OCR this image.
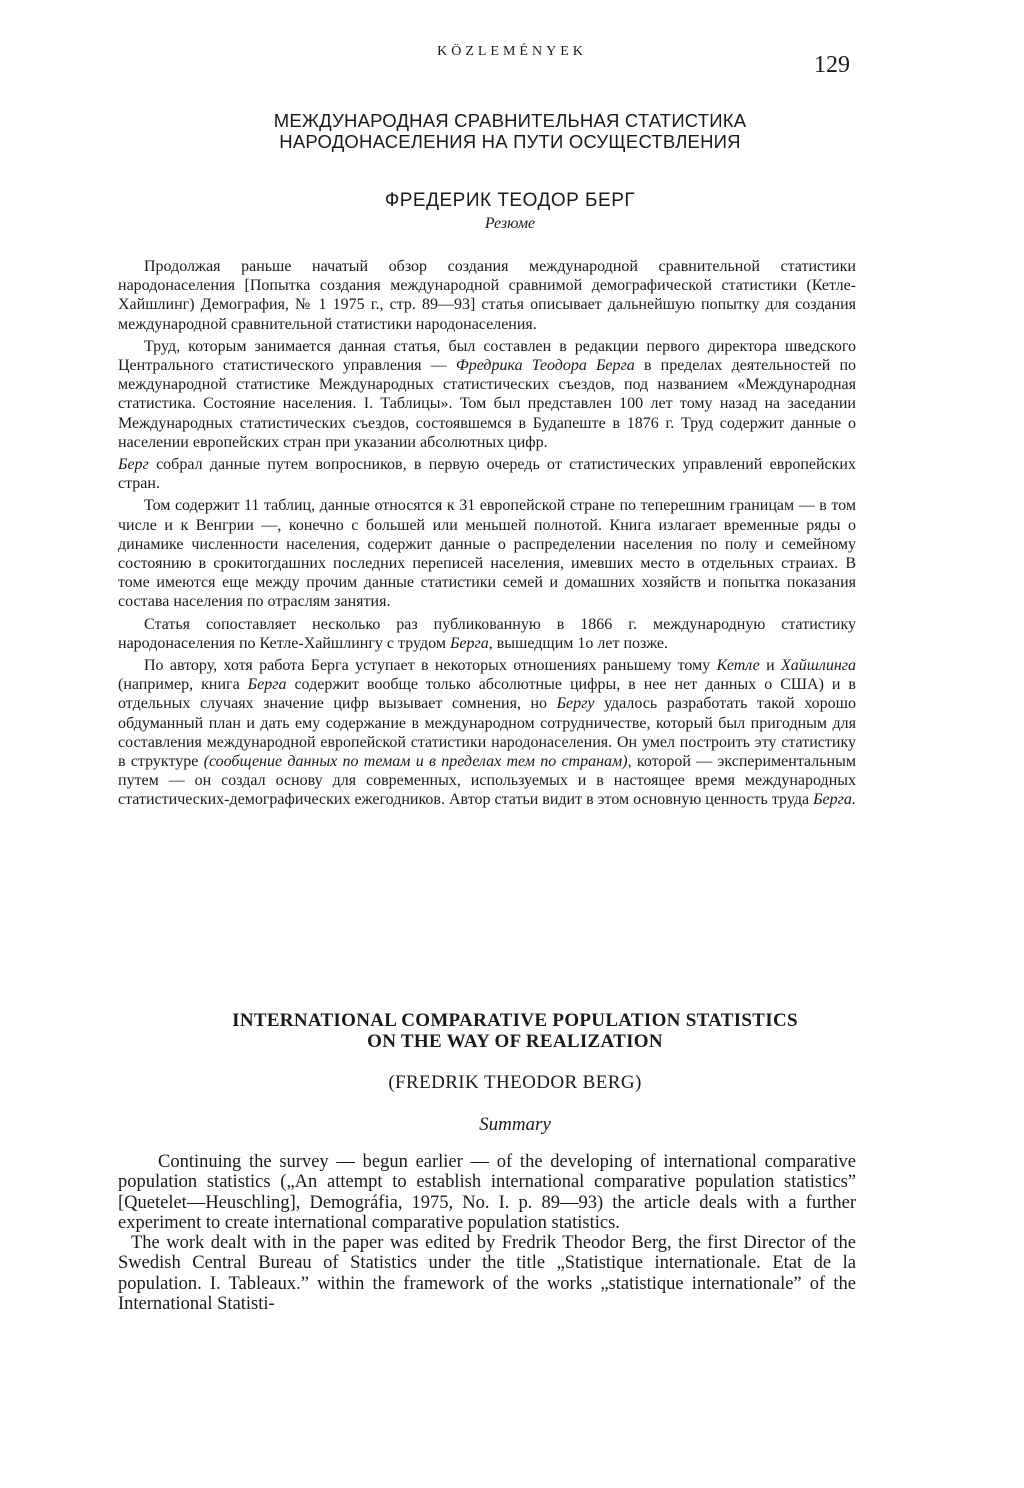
KÖZLEMÉNYEK
129
МЕЖДУНАРОДНАЯ СРАВНИТЕЛЬНАЯ СТАТИСТИКА
НАРОДОНАСЕЛЕНИЯ НА ПУТИ ОСУЩЕСТВЛЕНИЯ
ФРЕДЕРИК ТЕОДОР БЕРГ
Резюме

Продолжая раньше начатый обзор создания международной сравнительной статистики народонаселения [Попытка создания международной сравнимой демографической статистики (Кетле-Хайшлинг) Демография, № 1 1975 г., стр. 89—93] статья описывает дальнейшую попытку для создания международной сравнительной статистики народонаселения.

Труд, которым занимается данная статья, был составлен в редакции первого директора шведского Центрального статистического управления — Фредрика Теодора Берга в пределах деятельностей по международной статистике Международных статистических съездов, под названием «Международная статистика. Состояние населения. I. Таблицы». Том был представлен 100 лет тому назад на заседании Международных статистических съездов, состоявшемся в Будапеште в 1876 г. Труд содержит данные о населении европейских стран при указании абсолютных цифр.

Берг собрал данные путем вопросников, в первую очередь от статистических управлений европейских стран.

Том содержит 11 таблиц, данные относятся к 31 европейской стране по теперешним границам — в том числе и к Венгрии —, конечно с большей или меньшей полнотой. Книга излагает временные ряды о динамике численности населения, содержит данные о распределении населения по полу и семейному состоянию в срокитогдашних последних переписей населения, имевших место в отдельных страиах. В томе имеются еще между прочим данные статистики семей и домашних хозяйств и попытка показания состава населения по отраслям занятия.

Статья сопоставляет несколько раз публикованную в 1866 г. международную статистику народонаселения по Кетле-Хайшлингу с трудом Берга, вышедщим 1о лет позже.

По автору, хотя работа Берга уступает в некоторых отношениях раньшему тому Кетле и Хайшлинга (например, книга Берга содержит вообще только абсолютные цифры, в нее нет данных о США) и в отдельных случаях значение цифр вызывает сомнения, но Бергу удалось разработать такой хорошо обдуманный план и дать ему содержание в международном сотрудничестве, который был пригодным для составления международной европейской статистики народонаселения. Он умел построить эту статистику в структуре (сообщение данных по темам и в пределах тем по странам), которой — экспериментальным путем — он создал основу для современных, используемых и в настоящее время международных статистических-демографических ежегодников. Автор статьи видит в этом основную ценность труда Берга.

INTERNATIONAL COMPARATIVE POPULATION STATISTICS
ON THE WAY OF REALIZATION
(FREDRIK THEODOR BERG)
Summary

Continuing the survey — begun earlier — of the developing of international comparative population statistics („An attempt to establish international comparative population statistics” [Quetelet—Heuschling], Demográfia, 1975, No. I. p. 89—93) the article deals with a further experiment to create international comparative population statistics.

The work dealt with in the paper was edited by Fredrik Theodor Berg, the first Director of the Swedish Central Bureau of Statistics under the title „Statistique internationale. Etat de la population. I. Tableaux.” within the framework of the works „statistique internationale” of the International Statisti-
